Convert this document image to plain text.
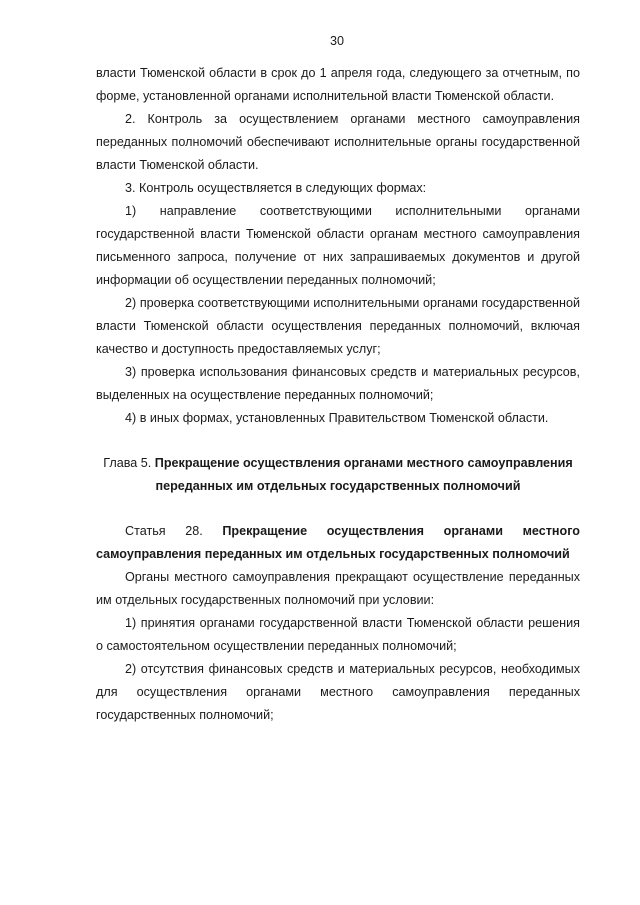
30

власти Тюменской области в срок до 1 апреля года, следующего за отчетным, по форме, установленной органами исполнительной власти Тюменской области.

2. Контроль за осуществлением органами местного самоуправления переданных полномочий обеспечивают исполнительные органы государственной власти Тюменской области.

3. Контроль осуществляется в следующих формах:

1) направление соответствующими исполнительными органами государственной власти Тюменской области органам местного самоуправления письменного запроса, получение от них запрашиваемых документов и другой информации об осуществлении переданных полномочий;

2) проверка соответствующими исполнительными органами государственной власти Тюменской области осуществления переданных полномочий, включая качество и доступность предоставляемых услуг;

3) проверка использования финансовых средств и материальных ресурсов, выделенных на осуществление переданных полномочий;

4) в иных формах, установленных Правительством Тюменской области.

Глава 5. Прекращение осуществления органами местного самоуправления переданных им отдельных государственных полномочий

Статья 28. Прекращение осуществления органами местного самоуправления переданных им отдельных государственных полномочий

Органы местного самоуправления прекращают осуществление переданных им отдельных государственных полномочий при условии:

1) принятия органами государственной власти Тюменской области решения о самостоятельном осуществлении переданных полномочий;

2) отсутствия финансовых средств и материальных ресурсов, необходимых для осуществления органами местного самоуправления переданных государственных полномочий;
